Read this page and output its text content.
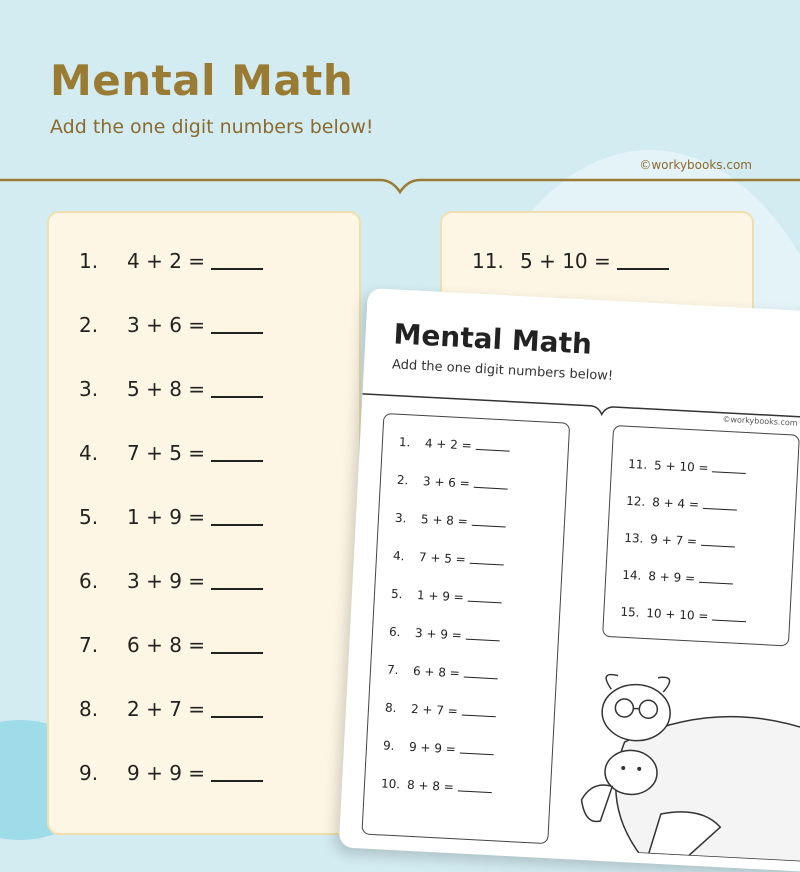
Mental Math
Add the one digit numbers below!
©workybooks.com
1.	4 + 2 =
2.	3 + 6 =
3.	5 + 8 =
4.	7 + 5 =
5.	1 + 9 =
6.	3 + 9 =
7.	6 + 8 =
8.	2 + 7 =
9.	9 + 9 =
11. 5 + 10 =
Mental Math
Add the one digit numbers below!
©workybooks.com
1.	4 + 2 =
2.	3 + 6 =
3.	5 + 8 =
4.	7 + 5 =
5.	1 + 9 =
6.	3 + 9 =
7.	6 + 8 =
8.	2 + 7 =
9.	9 + 9 =
10. 8 + 8 =
11. 5 + 10 =
12. 8 + 4 =
13. 9 + 7 =
14. 8 + 9 =
15. 10 + 10 =
